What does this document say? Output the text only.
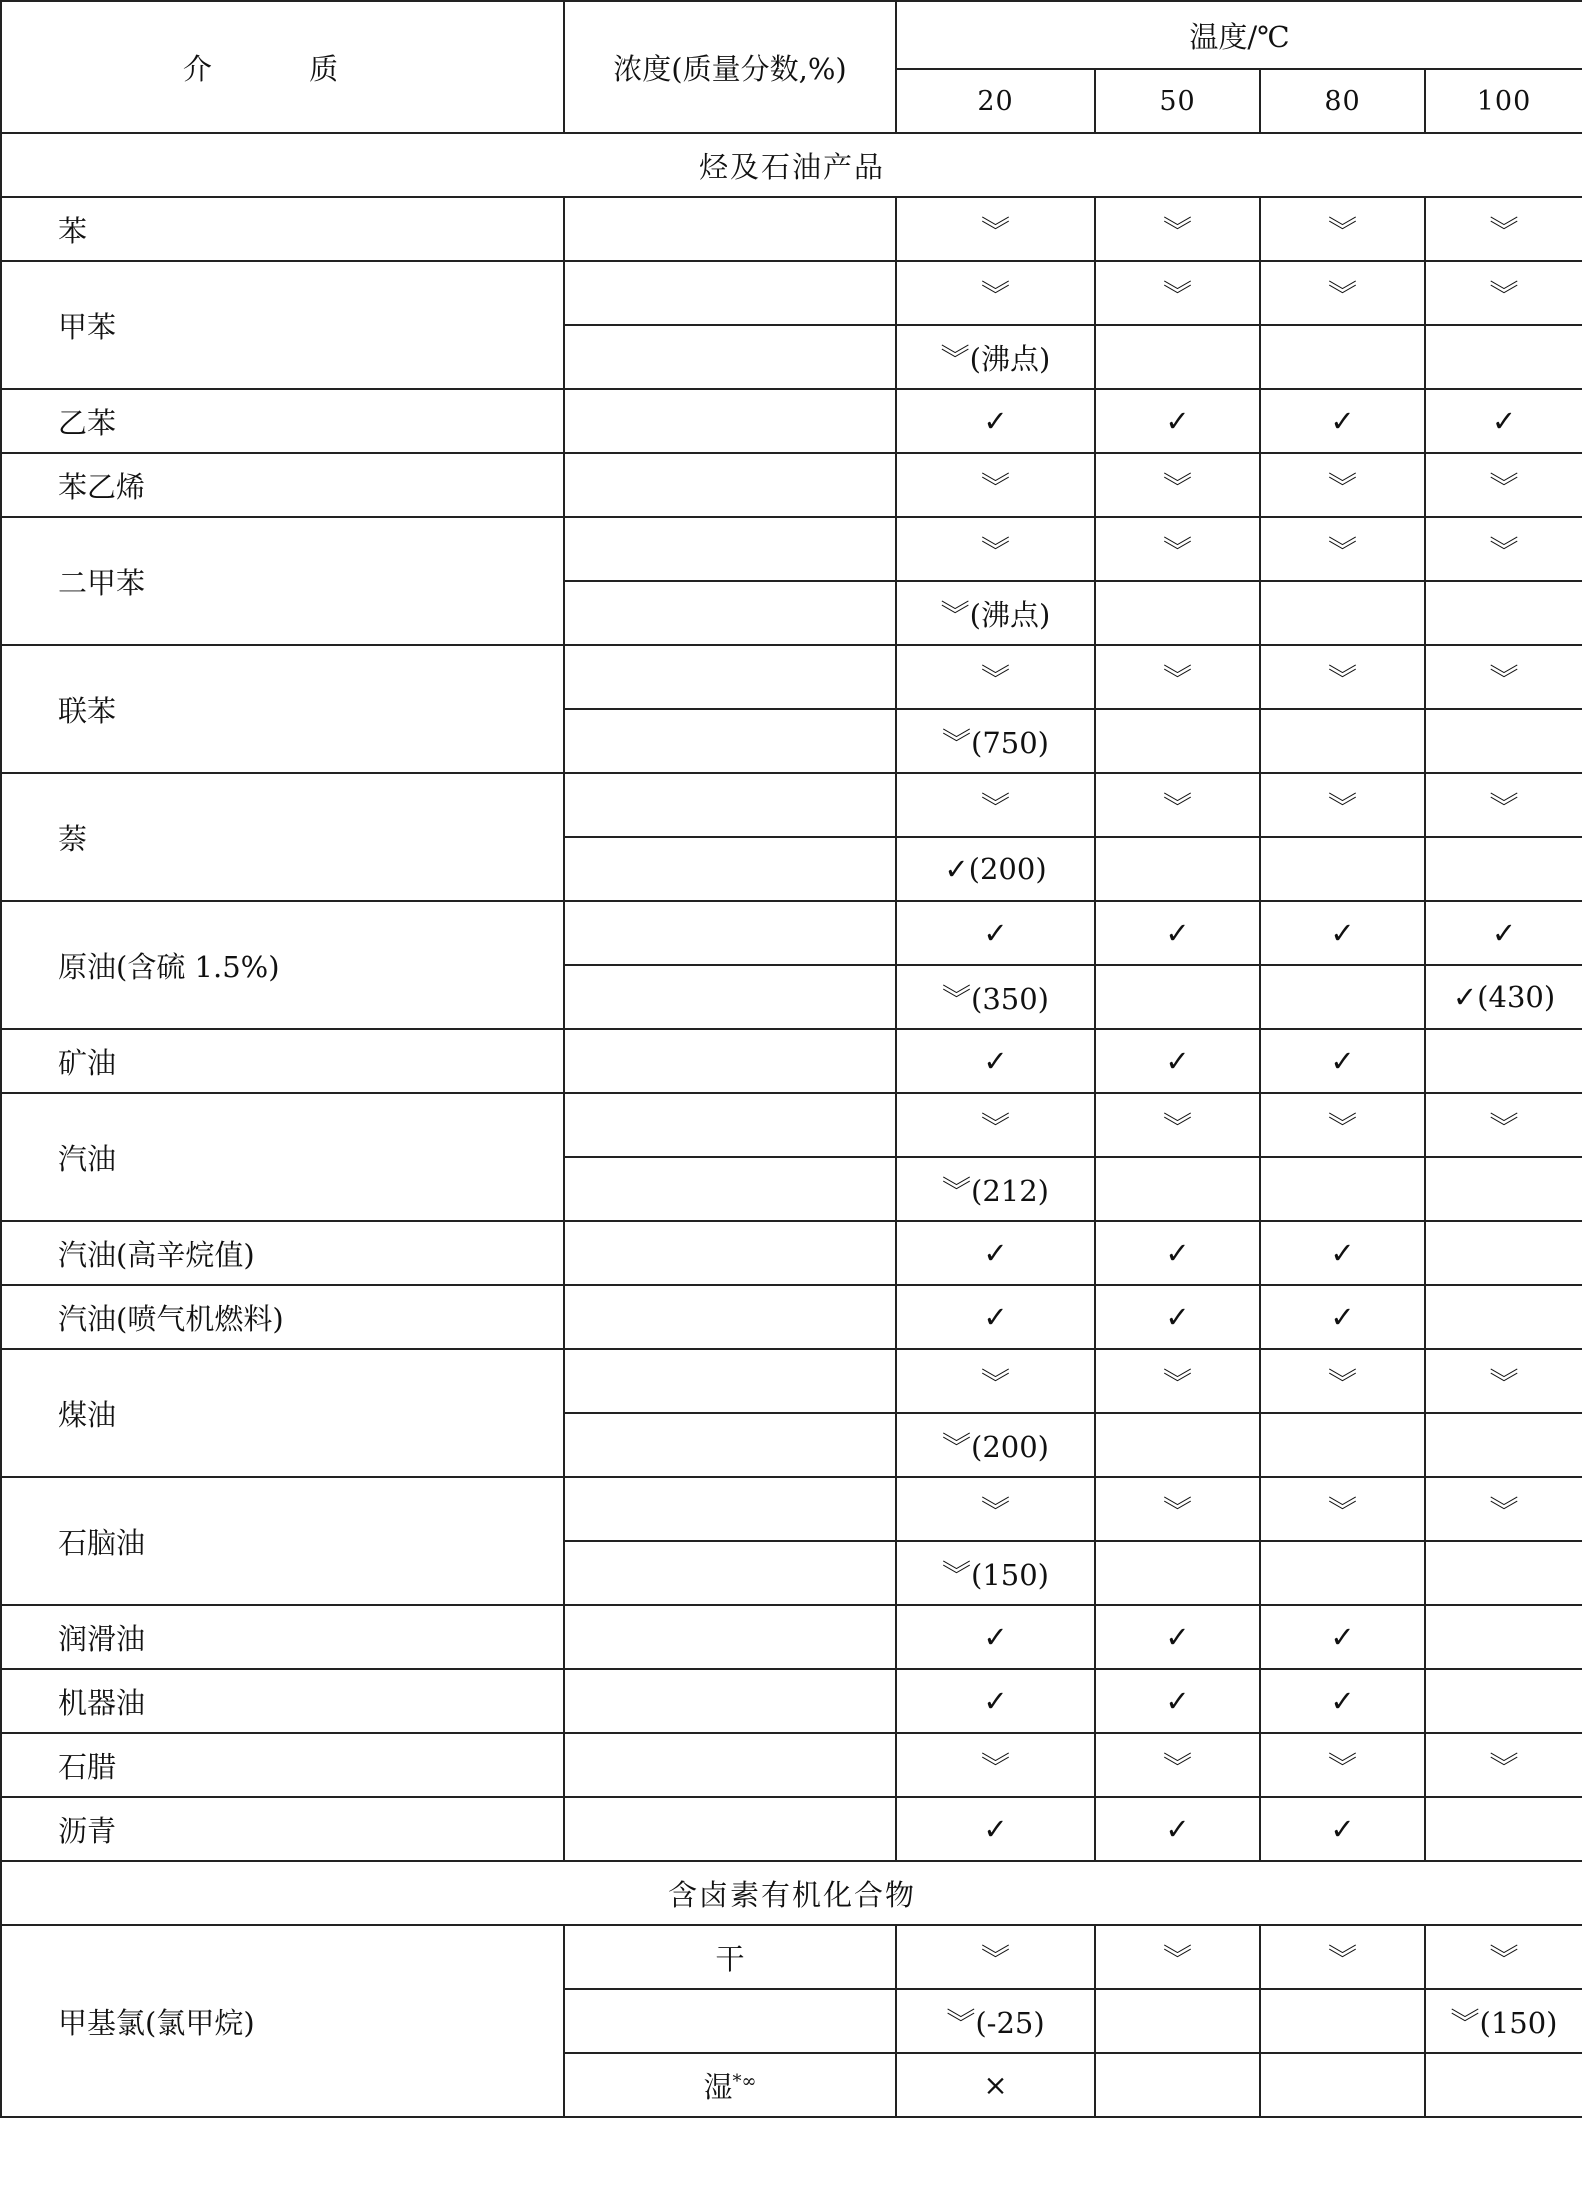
介 质	浓度(质量分数,%)	温度/℃			
		20	50	80	100
烃及石油产品					
苯		︾	︾	︾	︾
甲苯		︾	︾	︾	︾
		︾(沸点)			
乙苯		✓	✓	✓	✓
苯乙烯		︾	︾	︾	︾
二甲苯		︾	︾	︾	︾
		︾(沸点)			
联苯		︾	︾	︾	︾
		︾(750)			
萘		︾	︾	︾	︾
		✓(200)			
原油(含硫 1.5%)		✓	✓	✓	✓
		︾(350)			✓(430)
矿油		✓	✓	✓	
汽油		︾	︾	︾	︾
		︾(212)			
汽油(高辛烷值)		✓	✓	✓	
汽油(喷气机燃料)		✓	✓	✓	
煤油		︾	︾	︾	︾
		︾(200)			
石脑油		︾	︾	︾	︾
		︾(150)			
润滑油		✓	✓	✓	
机器油		✓	✓	✓	
石腊		︾	︾	︾	︾
沥青		✓	✓	✓	
含卤素有机化合物					
甲基氯(氯甲烷)	干	︾	︾	︾	︾
		︾(-25)			︾(150)
	湿*∞	×			
